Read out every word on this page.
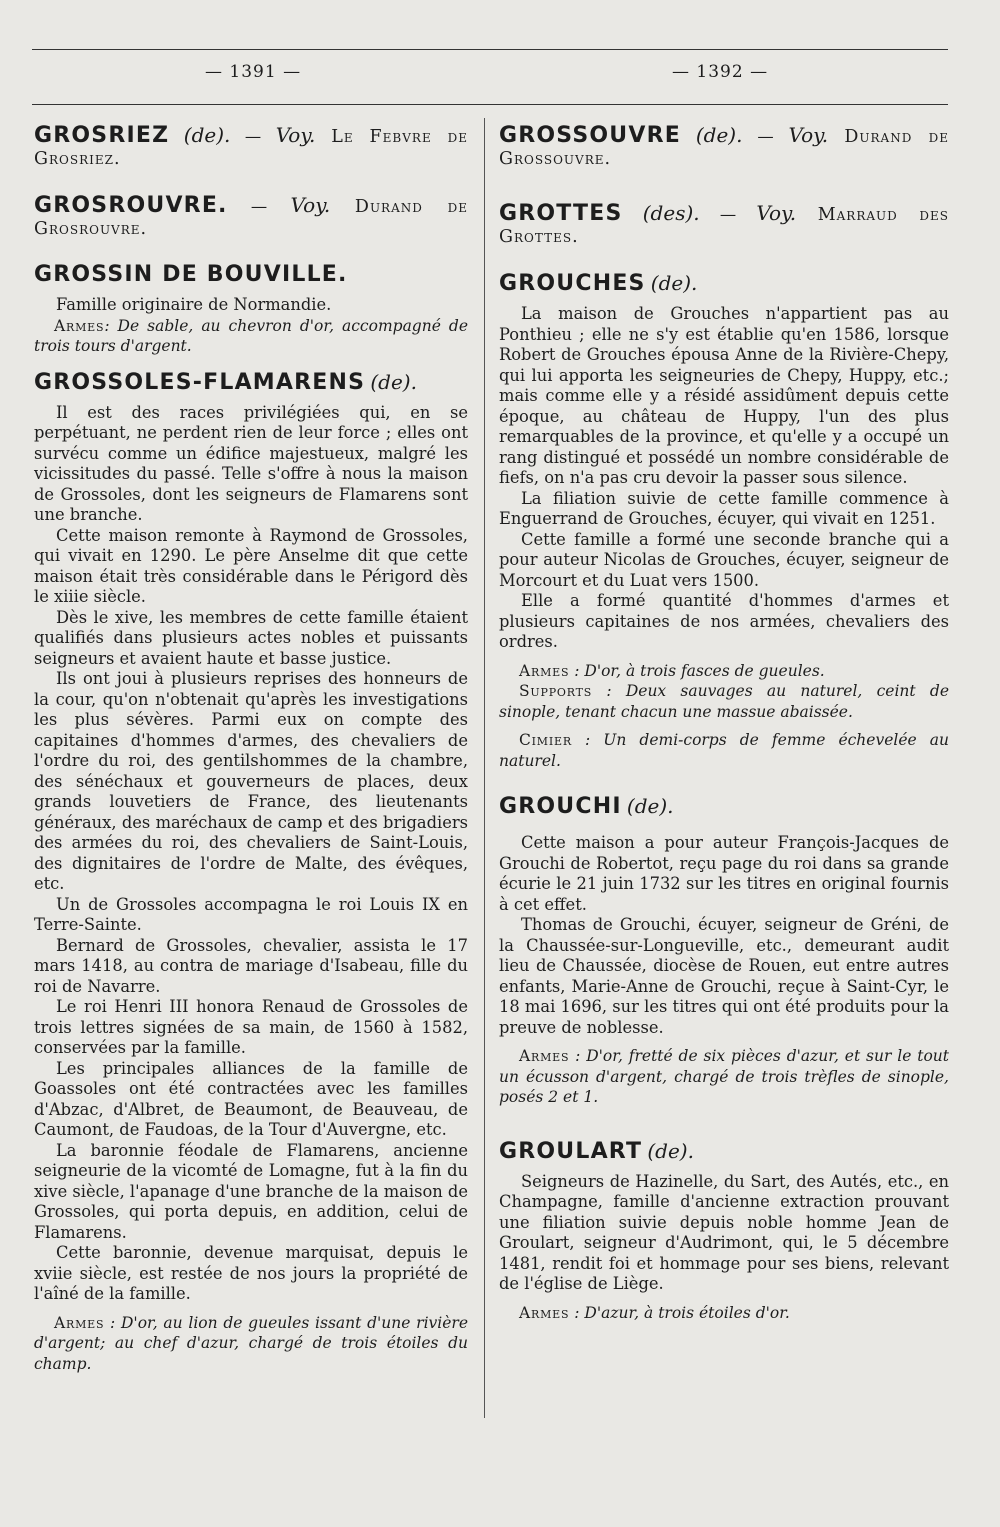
— 1391 —	— 1392 —

GROSRIEZ (de). — Voy. Le Febvre de Grosriez.

GROSROUVRE. — Voy. Durand de Grosrouvre.

GROSSIN DE BOUVILLE.

Famille originaire de Normandie.

Armes: De sable, au chevron d'or, accompagné de trois tours d'argent.

GROSSOLES-FLAMARENS (de).

Il est des races privilégiées qui, en se perpétuant, ne perdent rien de leur force ; elles ont survécu comme un édifice majestueux, malgré les vicissitudes du passé. Telle s'offre à nous la maison de Grossoles, dont les seigneurs de Flamarens sont une branche.

Cette maison remonte à Raymond de Grossoles, qui vivait en 1290. Le père Anselme dit que cette maison était très considérable dans le Périgord dès le xiiie siècle.

Dès le xive, les membres de cette famille étaient qualifiés dans plusieurs actes nobles et puissants seigneurs et avaient haute et basse justice.

Ils ont joui à plusieurs reprises des honneurs de la cour, qu'on n'obtenait qu'après les investigations les plus sévères. Parmi eux on compte des capitaines d'hommes d'armes, des chevaliers de l'ordre du roi, des gentilshommes de la chambre, des sénéchaux et gouverneurs de places, deux grands louvetiers de France, des lieutenants généraux, des maréchaux de camp et des brigadiers des armées du roi, des chevaliers de Saint-Louis, des dignitaires de l'ordre de Malte, des évêques, etc.

Un de Grossoles accompagna le roi Louis IX en Terre-Sainte.

Bernard de Grossoles, chevalier, assista le 17 mars 1418, au contra de mariage d'Isabeau, fille du roi de Navarre.

Le roi Henri III honora Renaud de Grossoles de trois lettres signées de sa main, de 1560 à 1582, conservées par la famille.

Les principales alliances de la famille de Goassoles ont été contractées avec les familles d'Abzac, d'Albret, de Beaumont, de Beauveau, de Caumont, de Faudoas, de la Tour d'Auvergne, etc.

La baronnie féodale de Flamarens, ancienne seigneurie de la vicomté de Lomagne, fut à la fin du xive siècle, l'apanage d'une branche de la maison de Grossoles, qui porta depuis, en addition, celui de Flamarens.

Cette baronnie, devenue marquisat, depuis le xviie siècle, est restée de nos jours la propriété de l'aîné de la famille.

Armes : D'or, au lion de gueules issant d'une rivière d'argent; au chef d'azur, chargé de trois étoiles du champ.

GROSSOUVRE (de). — Voy. Durand de Grossouvre.

GROTTES (des). — Voy. Marraud des Grottes.

GROUCHES (de).

La maison de Grouches n'appartient pas au Ponthieu ; elle ne s'y est établie qu'en 1586, lorsque Robert de Grouches épousa Anne de la Rivière-Chepy, qui lui apporta les seigneuries de Chepy, Huppy, etc.; mais comme elle y a résidé assidûment depuis cette époque, au château de Huppy, l'un des plus remarquables de la province, et qu'elle y a occupé un rang distingué et possédé un nombre considérable de fiefs, on n'a pas cru devoir la passer sous silence.

La filiation suivie de cette famille commence à Enguerrand de Grouches, écuyer, qui vivait en 1251.

Cette famille a formé une seconde branche qui a pour auteur Nicolas de Grouches, écuyer, seigneur de Morcourt et du Luat vers 1500.

Elle a formé quantité d'hommes d'armes et plusieurs capitaines de nos armées, chevaliers des ordres.

Armes : D'or, à trois fasces de gueules.

Supports : Deux sauvages au naturel, ceint de sinople, tenant chacun une massue abaissée.

Cimier : Un demi-corps de femme échevelée au naturel.

GROUCHI (de).

Cette maison a pour auteur François-Jacques de Grouchi de Robertot, reçu page du roi dans sa grande écurie le 21 juin 1732 sur les titres en original fournis à cet effet.

Thomas de Grouchi, écuyer, seigneur de Gréni, de la Chaussée-sur-Longueville, etc., demeurant audit lieu de Chaussée, diocèse de Rouen, eut entre autres enfants, Marie-Anne de Grouchi, reçue à Saint-Cyr, le 18 mai 1696, sur les titres qui ont été produits pour la preuve de noblesse.

Armes : D'or, fretté de six pièces d'azur, et sur le tout un écusson d'argent, chargé de trois trèfles de sinople, posés 2 et 1.

GROULART (de).

Seigneurs de Hazinelle, du Sart, des Autés, etc., en Champagne, famille d'ancienne extraction prouvant une filiation suivie depuis noble homme Jean de Groulart, seigneur d'Audrimont, qui, le 5 décembre 1481, rendit foi et hommage pour ses biens, relevant de l'église de Liège.

Armes : D'azur, à trois étoiles d'or.
